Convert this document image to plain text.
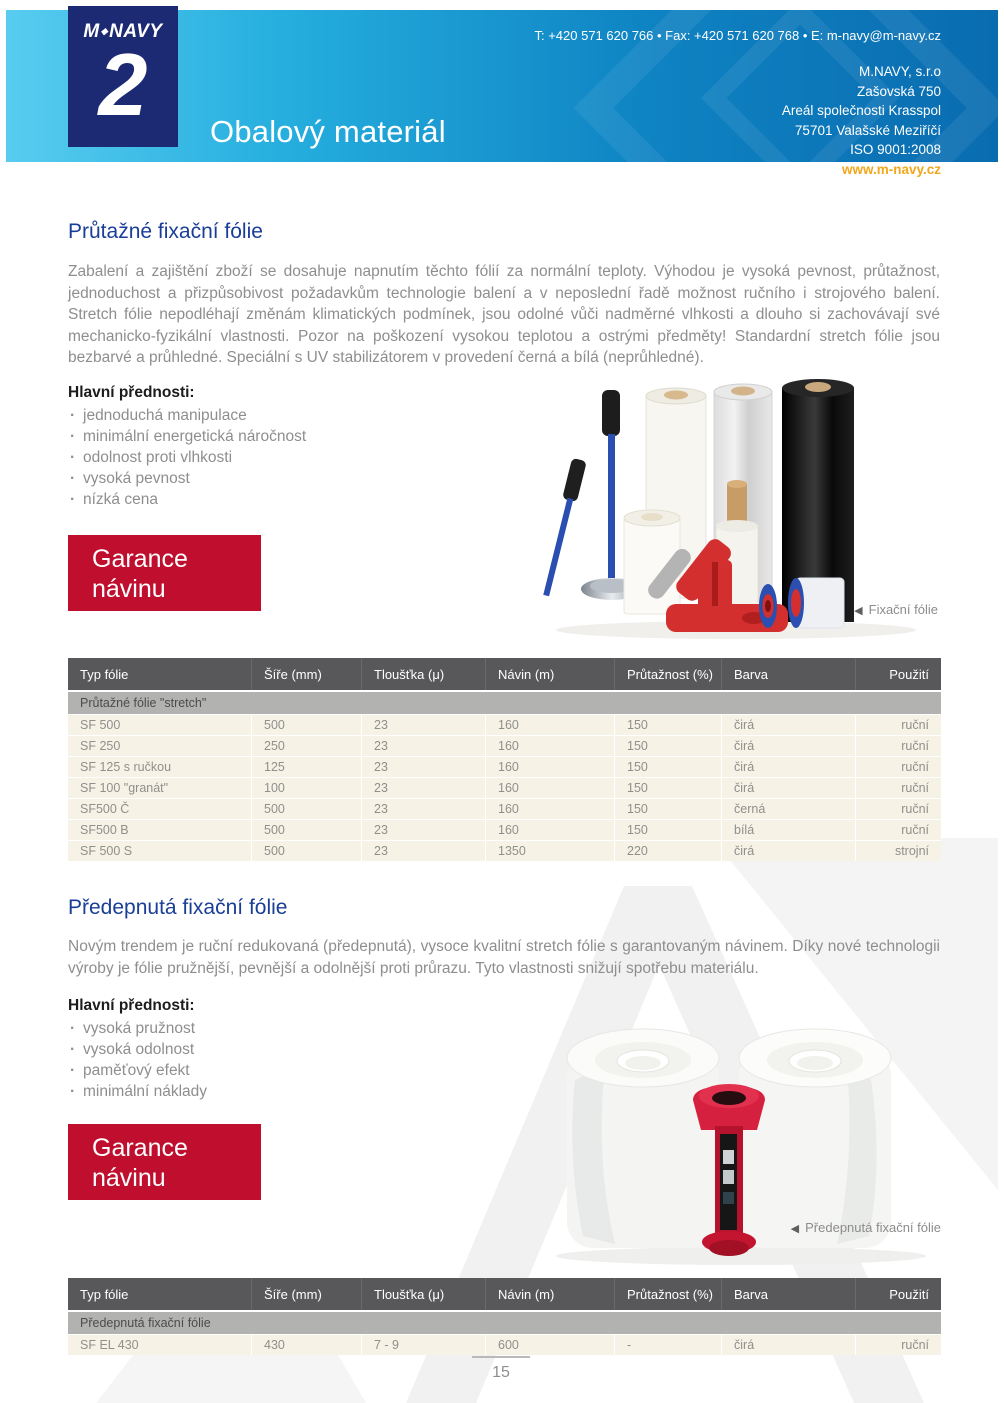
T: +420 571 620 766 • Fax: +420 571 620 768 • E: m-navy@m-navy.cz
M.NAVY, s.r.o
Zašovská 750
Areál společnosti Krasspol
75701 Valašské Meziříčí
ISO 9001:2008
www.m-navy.cz
Obalový materiál
M◆NAVY
2
Průtažné fixační fólie
Zabalení a zajištění zboží se dosahuje napnutím těchto fólií za normální teploty. Výhodou je vysoká pevnost, průtažnost, jednoduchost a přizpůsobivost požadavkům technologie balení a v neposlední řadě možnost ručního i strojového balení. Stretch fólie nepodléhají změnám klimatických podmínek, jsou odolné vůči nadměrné vlhkosti a dlouho si zachovávají své mechanicko-fyzikální vlastnosti. Pozor na poškození vysokou teplotou a ostrými předměty! Standardní stretch fólie jsou bezbarvé a průhledné. Speciální s UV stabilizátorem v provedení černá a bílá (neprůhledné).
Hlavní přednosti:
· jednoduchá manipulace
· minimální energetická náročnost
· odolnost proti vlhkosti
· vysoká pevnost
· nízká cena
Garance
návinu
◀ Fixační fólie
Typ fólie	Šíře (mm)	Tloušťka (μ)	Návin (m)	Průtažnost (%)	Barva	Použití
Průtažné fólie "stretch"
SF 500	500	23	160	150	čirá	ruční
SF 250	250	23	160	150	čirá	ruční
SF 125 s ručkou	125	23	160	150	čirá	ruční
SF 100 "granát"	100	23	160	150	čirá	ruční
SF500 Č	500	23	160	150	černá	ruční
SF500 B	500	23	160	150	bílá	ruční
SF 500 S	500	23	1350	220	čirá	strojní
Předepnutá fixační fólie
Novým trendem je ruční redukovaná (předepnutá), vysoce kvalitní stretch fólie s garantovaným návinem. Díky nové technologii výroby je fólie pružnější, pevnější a odolnější proti průrazu. Tyto vlastnosti snižují spotřebu materiálu.
Hlavní přednosti:
· vysoká pružnost
· vysoká odolnost
· paměťový efekt
· minimální náklady
Garance
návinu
◀ Předepnutá fixační fólie
Typ fólie	Šíře (mm)	Tloušťka (μ)	Návin (m)	Průtažnost (%)	Barva	Použití
Předepnutá fixační fólie
SF EL 430	430	7 - 9	600	-	čirá	ruční
15
